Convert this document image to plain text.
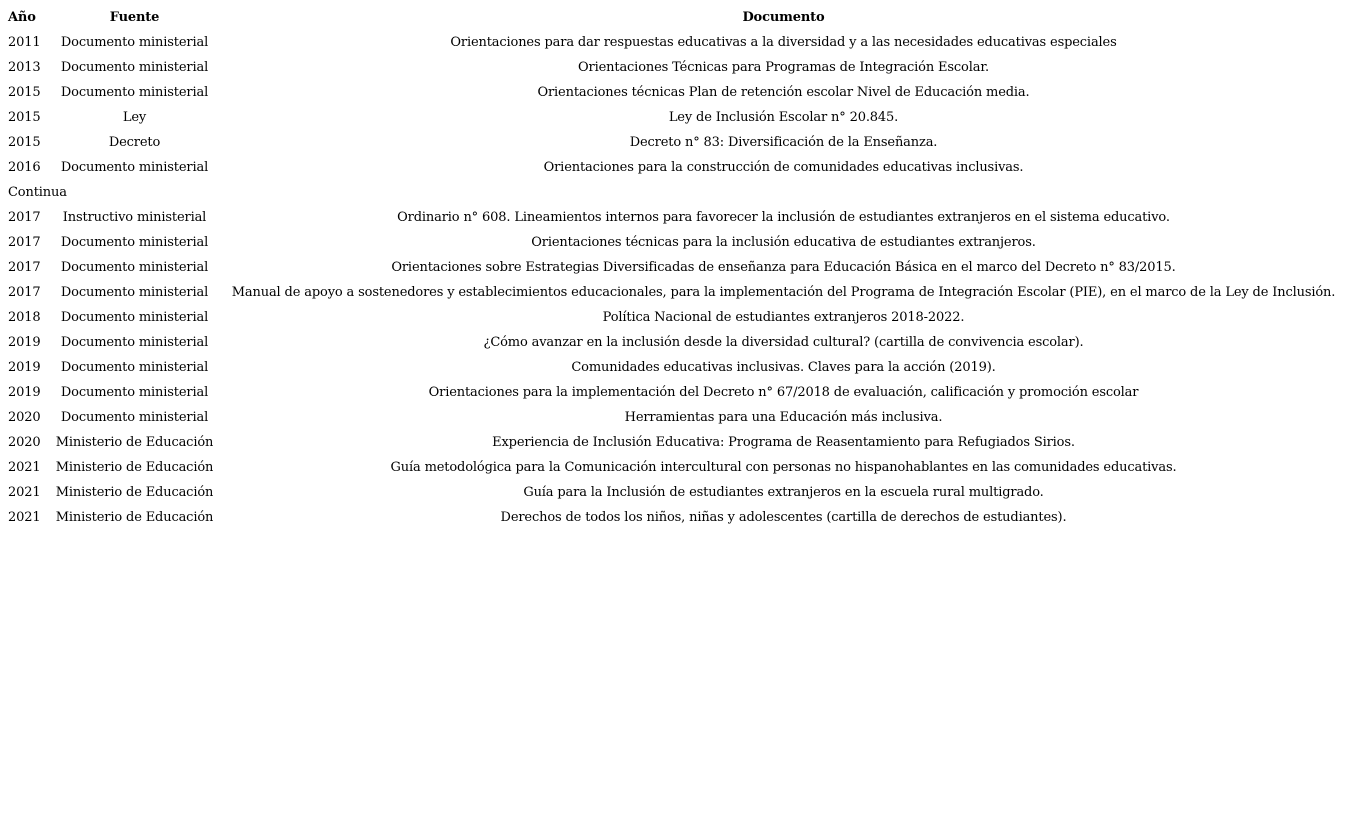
Año	Fuente	Documento
2011	Documento ministerial	Orientaciones para dar respuestas educativas a la diversidad y a las necesidades educativas especiales
2013	Documento ministerial	Orientaciones Técnicas para Programas de Integración Escolar.
2015	Documento ministerial	Orientaciones técnicas Plan de retención escolar Nivel de Educación media.
2015	Ley	Ley de Inclusión Escolar n° 20.845.
2015	Decreto	Decreto n° 83: Diversificación de la Enseñanza.
2016	Documento ministerial	Orientaciones para la construcción de comunidades educativas inclusivas.
Continua		
2017	Instructivo ministerial	Ordinario n° 608. Lineamientos internos para favorecer la inclusión de estudiantes extranjeros en el sistema educativo.
2017	Documento ministerial	Orientaciones técnicas para la inclusión educativa de estudiantes extranjeros.
2017	Documento ministerial	Orientaciones sobre Estrategias Diversificadas de enseñanza para Educación Básica en el marco del Decreto n° 83/2015.
2017	Documento ministerial	Manual de apoyo a sostenedores y establecimientos educacionales, para la implementación del Programa de Integración Escolar (PIE), en el marco de la Ley de Inclusión.
2018	Documento ministerial	Política Nacional de estudiantes extranjeros 2018-2022.
2019	Documento ministerial	¿Cómo avanzar en la inclusión desde la diversidad cultural? (cartilla de convivencia escolar).
2019	Documento ministerial	Comunidades educativas inclusivas. Claves para la acción (2019).
2019	Documento ministerial	Orientaciones para la implementación del Decreto n° 67/2018 de evaluación, calificación y promoción escolar
2020	Documento ministerial	Herramientas para una Educación más inclusiva.
2020	Ministerio de Educación	Experiencia de Inclusión Educativa: Programa de Reasentamiento para Refugiados Sirios.
2021	Ministerio de Educación	Guía metodológica para la Comunicación intercultural con personas no hispanohablantes en las comunidades educativas.
2021	Ministerio de Educación	Guía para la Inclusión de estudiantes extranjeros en la escuela rural multigrado.
2021	Ministerio de Educación	Derechos de todos los niños, niñas y adolescentes (cartilla de derechos de estudiantes).
